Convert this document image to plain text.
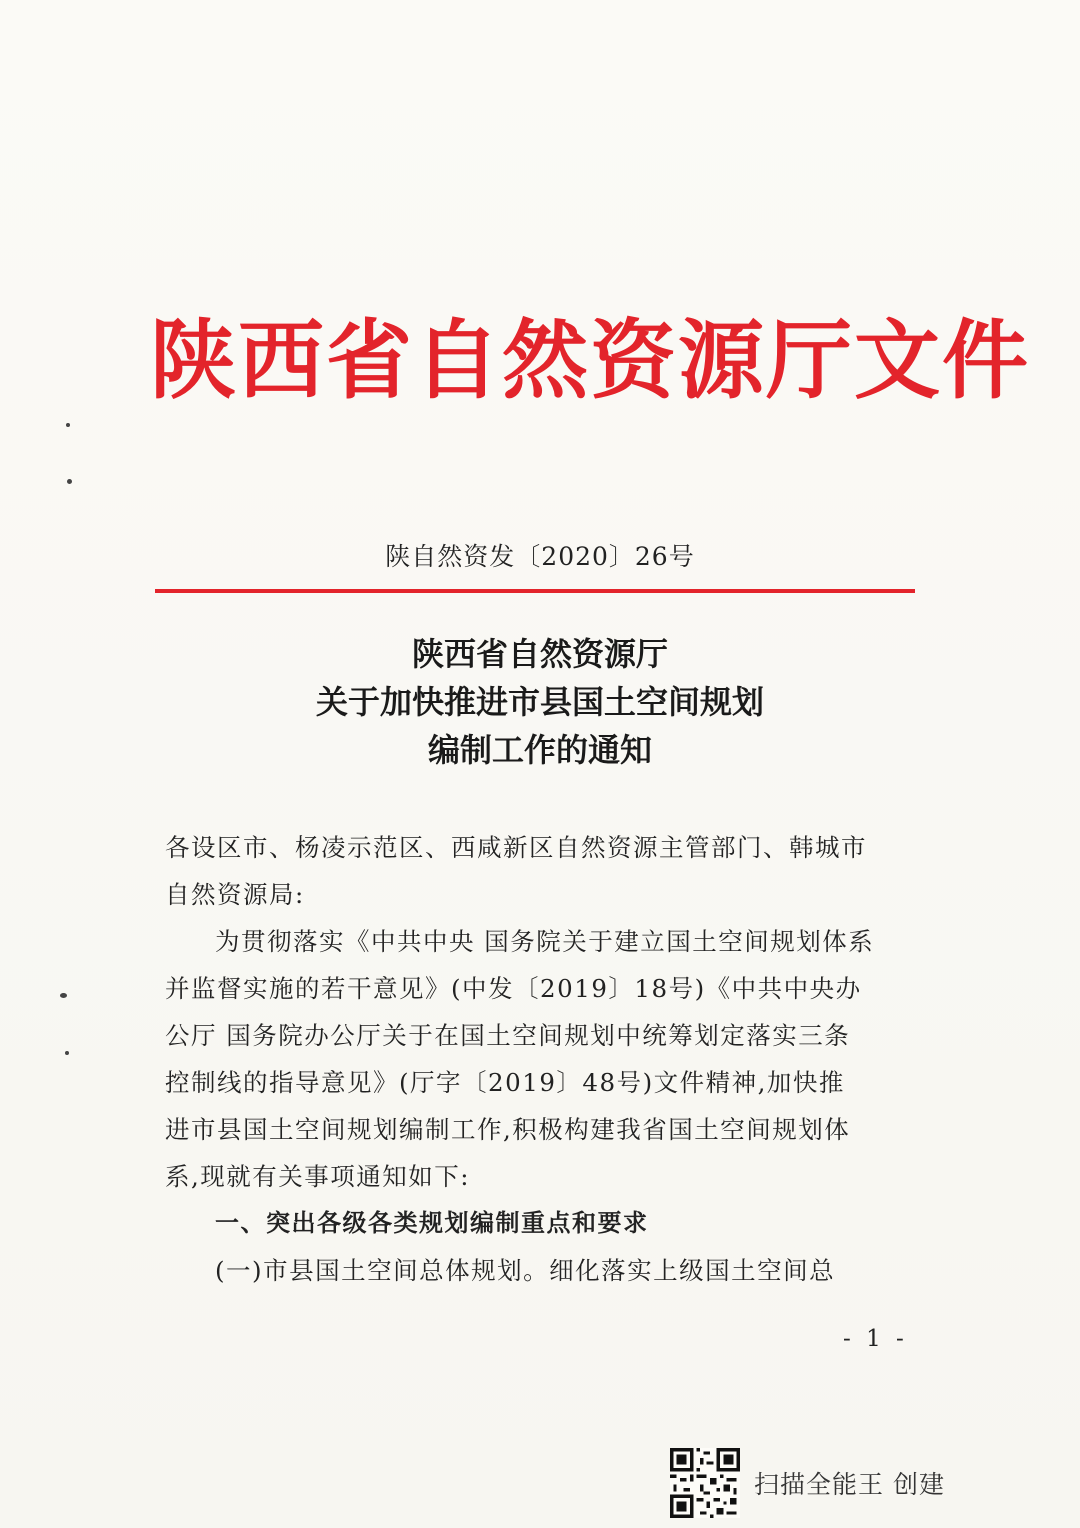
陕西省自然资源厅文件
陕自然资发〔2020〕26号
陕西省自然资源厅
关于加快推进市县国土空间规划
编制工作的通知

各设区市、杨凌示范区、西咸新区自然资源主管部门、韩城市

自然资源局:

为贯彻落实《中共中央 国务院关于建立国土空间规划体系

并监督实施的若干意见》(中发〔2019〕18号)《中共中央办

公厅 国务院办公厅关于在国土空间规划中统筹划定落实三条

控制线的指导意见》(厅字〔2019〕48号)文件精神,加快推

进市县国土空间规划编制工作,积极构建我省国土空间规划体

系,现就有关事项通知如下:

一、突出各级各类规划编制重点和要求

(一)市县国土空间总体规划。细化落实上级国土空间总

- 1 -
扫描全能王 创建
